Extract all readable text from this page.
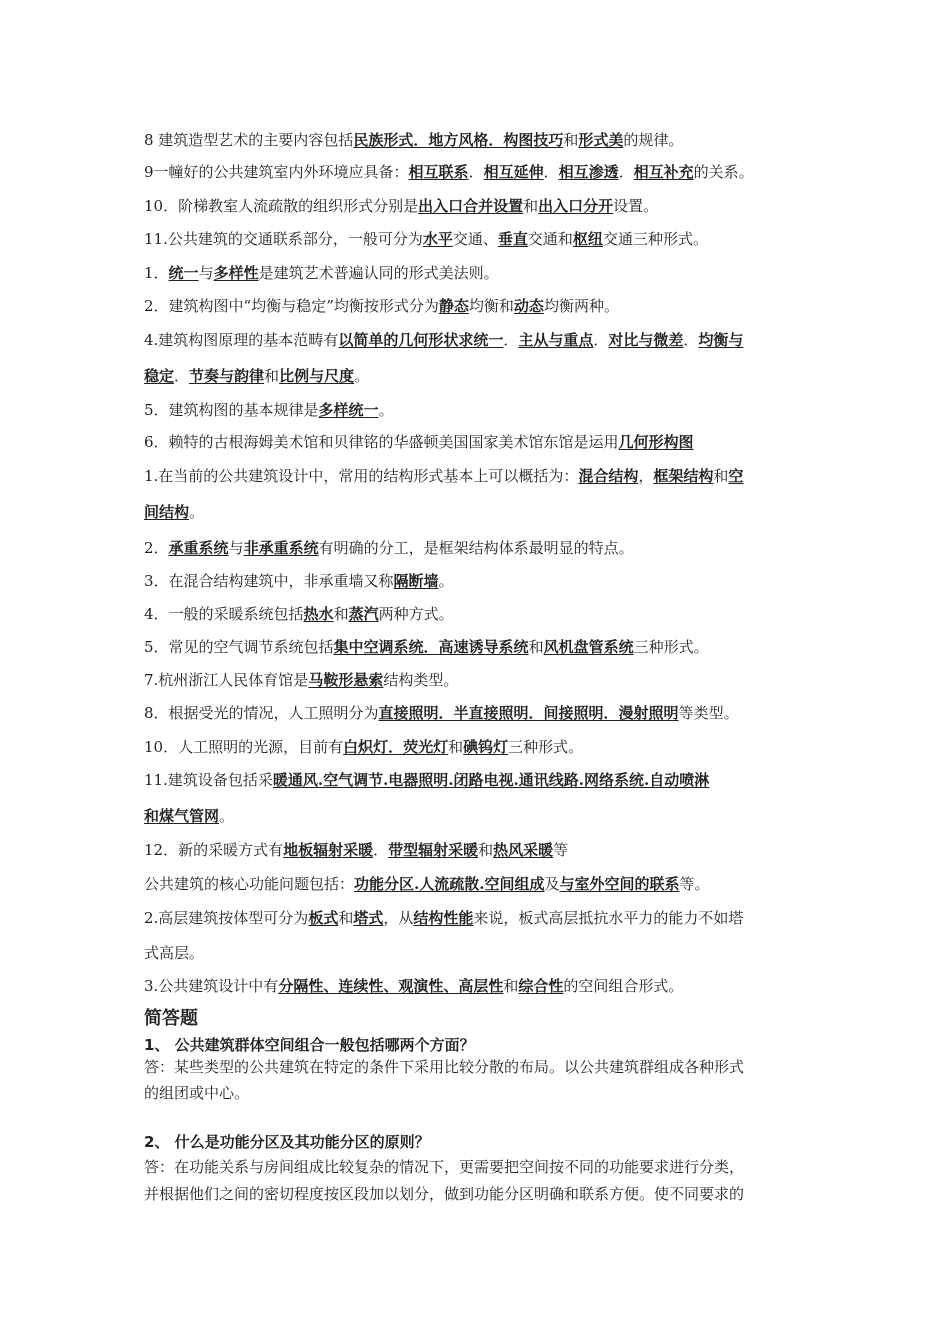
8 建筑造型艺术的主要内容包括民族形式．地方风格．构图技巧和形式美的规律。
9一幢好的公共建筑室内外环境应具备：相互联系．相互延伸．相互渗透．相互补充的关系。
10．阶梯教室人流疏散的组织形式分别是出入口合并设置和出入口分开设置。
11.公共建筑的交通联系部分，一般可分为水平交通、垂直交通和枢纽交通三种形式。
1．统一与多样性是建筑艺术普遍认同的形式美法则。
2．建筑构图中“均衡与稳定”均衡按形式分为静态均衡和动态均衡两种。
4.建筑构图原理的基本范畴有以简单的几何形状求统一．主从与重点．对比与微差．均衡与
稳定．节奏与韵律和比例与尺度。
5．建筑构图的基本规律是多样统一。
6．赖特的古根海姆美术馆和贝律铭的华盛顿美国国家美术馆东馆是运用几何形构图
1.在当前的公共建筑设计中，常用的结构形式基本上可以概括为：混合结构，框架结构和空
间结构。
2．承重系统与非承重系统有明确的分工，是框架结构体系最明显的特点。
3．在混合结构建筑中，非承重墙又称隔断墙。
4．一般的采暖系统包括热水和蒸汽两种方式。
5．常见的空气调节系统包括集中空调系统．高速诱导系统和风机盘管系统三种形式。
7.杭州浙江人民体育馆是马鞍形悬索结构类型。
8．根据受光的情况，人工照明分为直接照明．半直接照明．间接照明．漫射照明等类型。
10．人工照明的光源，目前有白炽灯．荧光灯和碘钨灯三种形式。
11.建筑设备包括采暖通风.空气调节.电器照明.闭路电视.通讯线路.网络系统.自动喷淋
和煤气管网。
12．新的采暖方式有地板辐射采暖．带型辐射采暖和热风采暖等
公共建筑的核心功能问题包括：功能分区.人流疏散.空间组成及与室外空间的联系等。
2.高层建筑按体型可分为板式和塔式，从结构性能来说，板式高层抵抗水平力的能力不如塔
式高层。
3.公共建筑设计中有分隔性、连续性、观演性、高层性和综合性的空间组合形式。
简答题
1、 公共建筑群体空间组合一般包括哪两个方面？
答：某些类型的公共建筑在特定的条件下采用比较分散的布局。以公共建筑群组成各种形式
的组团或中心。
2、 什么是功能分区及其功能分区的原则？
答：在功能关系与房间组成比较复杂的情况下，更需要把空间按不同的功能要求进行分类，
并根据他们之间的密切程度按区段加以划分，做到功能分区明确和联系方便。使不同要求的
